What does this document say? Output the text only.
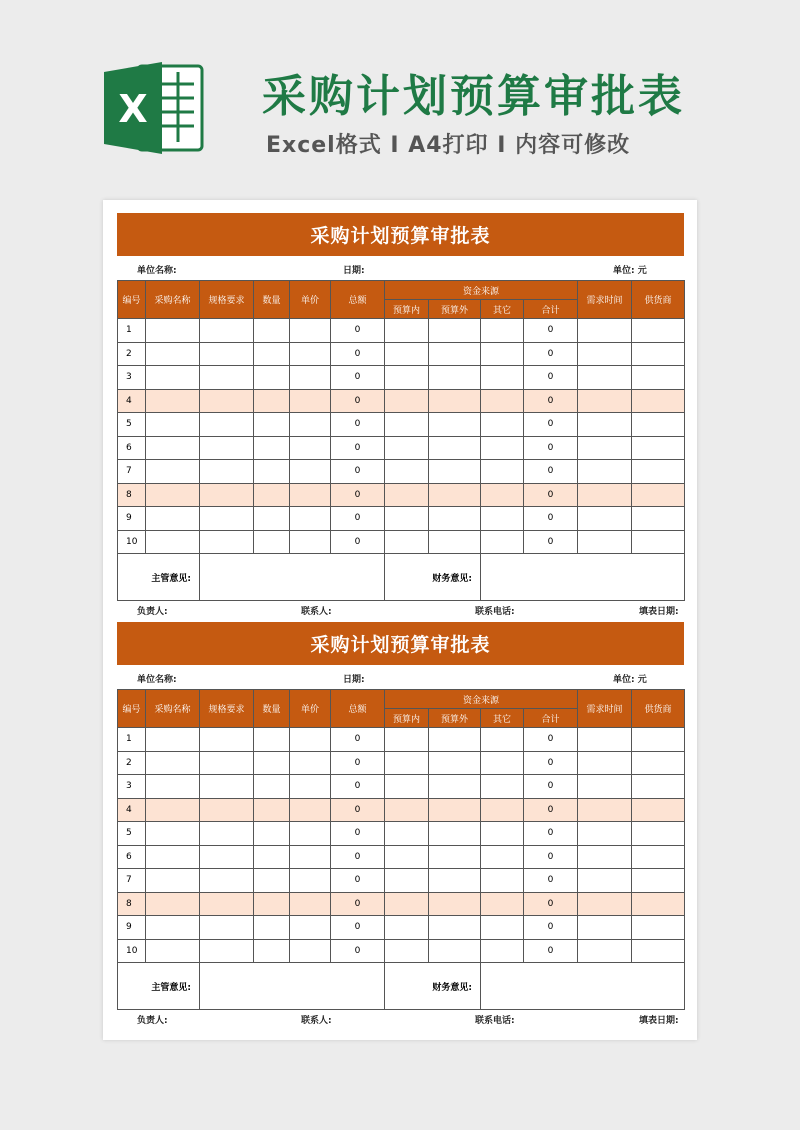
X	采购计划预算审批表
Excel格式 I A4打印 I 内容可修改
采购计划预算审批表
单位名称:	日期:	单位: 元
编号	采购名称	规格要求	数量	单价	总额	资金来源				需求时间	供货商
						预算内	预算外	其它	合计		
1					0				0		
2					0				0		
3					0				0		
4					0				0		
5					0				0		
6					0				0		
7					0				0		
8					0				0		
9					0				0		
10					0				0		
主管意见:						财务意见:					
负责人:	联系人:	联系电话:	填表日期:
采购计划预算审批表
单位名称:	日期:	单位: 元
编号	采购名称	规格要求	数量	单价	总额	资金来源				需求时间	供货商
						预算内	预算外	其它	合计		
1					0				0		
2					0				0		
3					0				0		
4					0				0		
5					0				0		
6					0				0		
7					0				0		
8					0				0		
9					0				0		
10					0				0		
主管意见:						财务意见:					
负责人:	联系人:	联系电话:	填表日期:
